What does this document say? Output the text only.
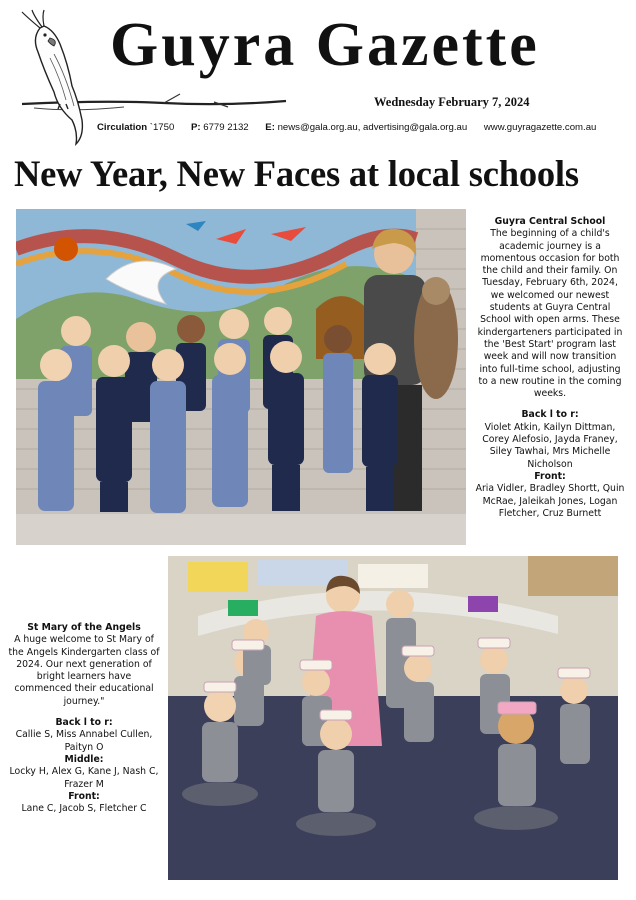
Guyra Gazette
Wednesday February 7, 2024
Circulation `1750 P: 6779 2132 E: news@gala.org.au, advertising@gala.org.au www.guyragazette.com.au
New Year, New Faces at local schools
Guyra Central School
The beginning of a child's academic journey is a momentous occasion for both the child and their family. On Tuesday, February 6th, 2024, we welcomed our newest students at Guyra Central School with open arms. These kindergarteners participated in the 'Best Start' program last week and will now transition into full-time school, adjusting to a new routine in the coming weeks.
Back l to r:
Violet Atkin, Kailyn Dittman, Corey Alefosio, Jayda Franey, Siley Tawhai, Mrs Michelle Nicholson
Front:
Aria Vidler, Bradley Shortt, Quin McRae, Jaleikah Jones, Logan Fletcher, Cruz Burnett
St Mary of the Angels
A huge welcome to St Mary of the Angels Kindergarten class of 2024. Our next generation of bright learners have commenced their educational journey."
Back l to r:
Callie S, Miss Annabel Cullen, Paityn O
Middle:
Locky H, Alex G, Kane J, Nash C, Frazer M
Front:
Lane C, Jacob S, Fletcher C
